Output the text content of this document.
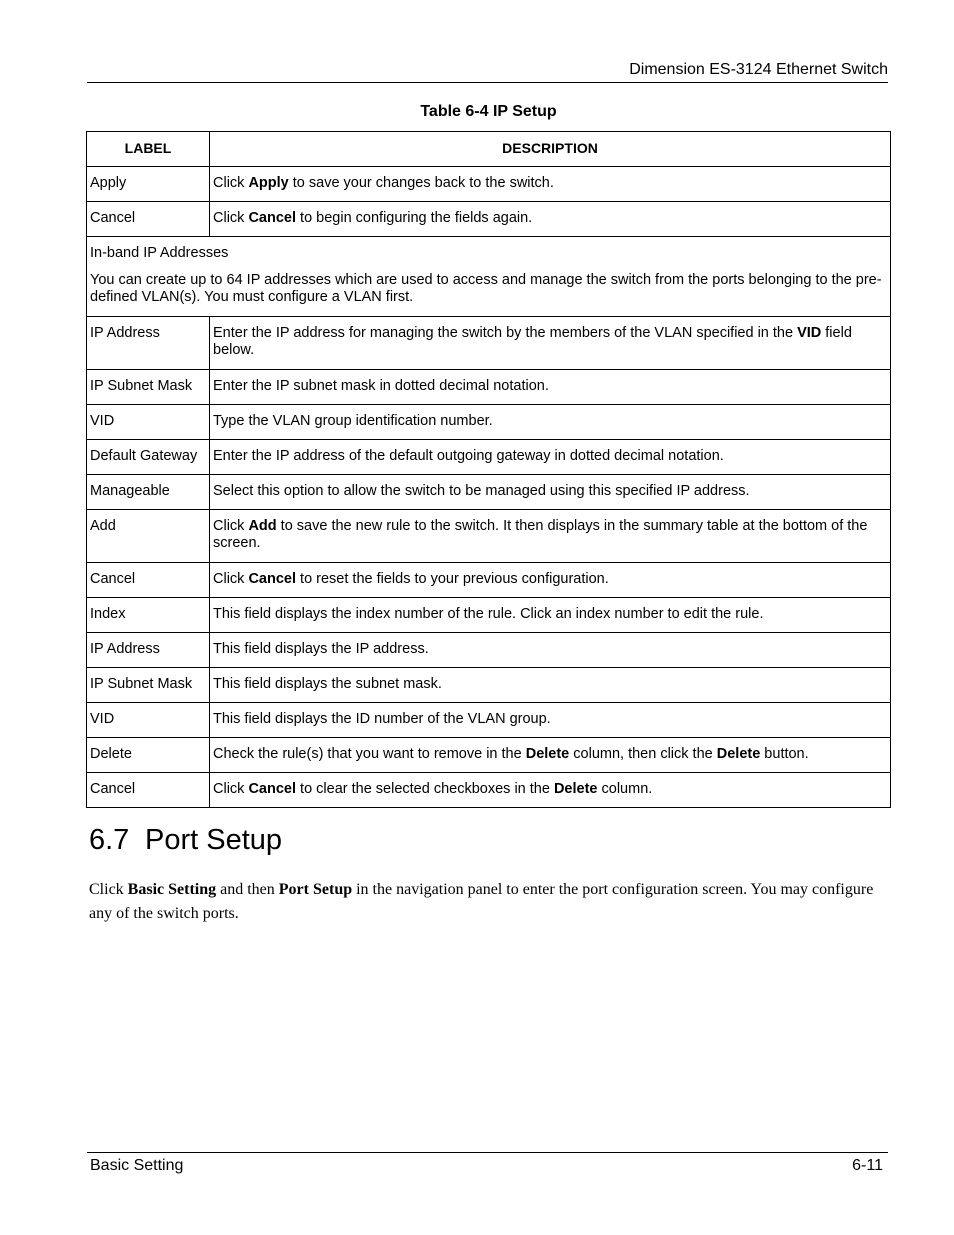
Dimension ES-3124 Ethernet Switch
Table 6-4 IP Setup
LABEL	DESCRIPTION
Apply	Click Apply to save your changes back to the switch.
Cancel	Click Cancel to begin configuring the fields again.

In-band IP Addresses

You can create up to 64 IP addresses which are used to access and manage the switch from the ports belonging to the pre-defined VLAN(s). You must configure a VLAN first.	

IP Address	Enter the IP address for managing the switch by the members of the VLAN specified in the VID field below.
IP Subnet Mask	Enter the IP subnet mask in dotted decimal notation.
VID	Type the VLAN group identification number.
Default Gateway	Enter the IP address of the default outgoing gateway in dotted decimal notation.
Manageable	Select this option to allow the switch to be managed using this specified IP address.
Add	Click Add to save the new rule to the switch. It then displays in the summary table at the bottom of the screen.
Cancel	Click Cancel to reset the fields to your previous configuration.
Index	This field displays the index number of the rule. Click an index number to edit the rule.
IP Address	This field displays the IP address.
IP Subnet Mask	This field displays the subnet mask.
VID	This field displays the ID number of the VLAN group.
Delete	Check the rule(s) that you want to remove in the Delete column, then click the Delete button.
Cancel	Click Cancel to clear the selected checkboxes in the Delete column.
6.7 Port Setup

Click Basic Setting and then Port Setup in the navigation panel to enter the port configuration screen. You may configure any of the switch ports.

Basic Setting	6-11
